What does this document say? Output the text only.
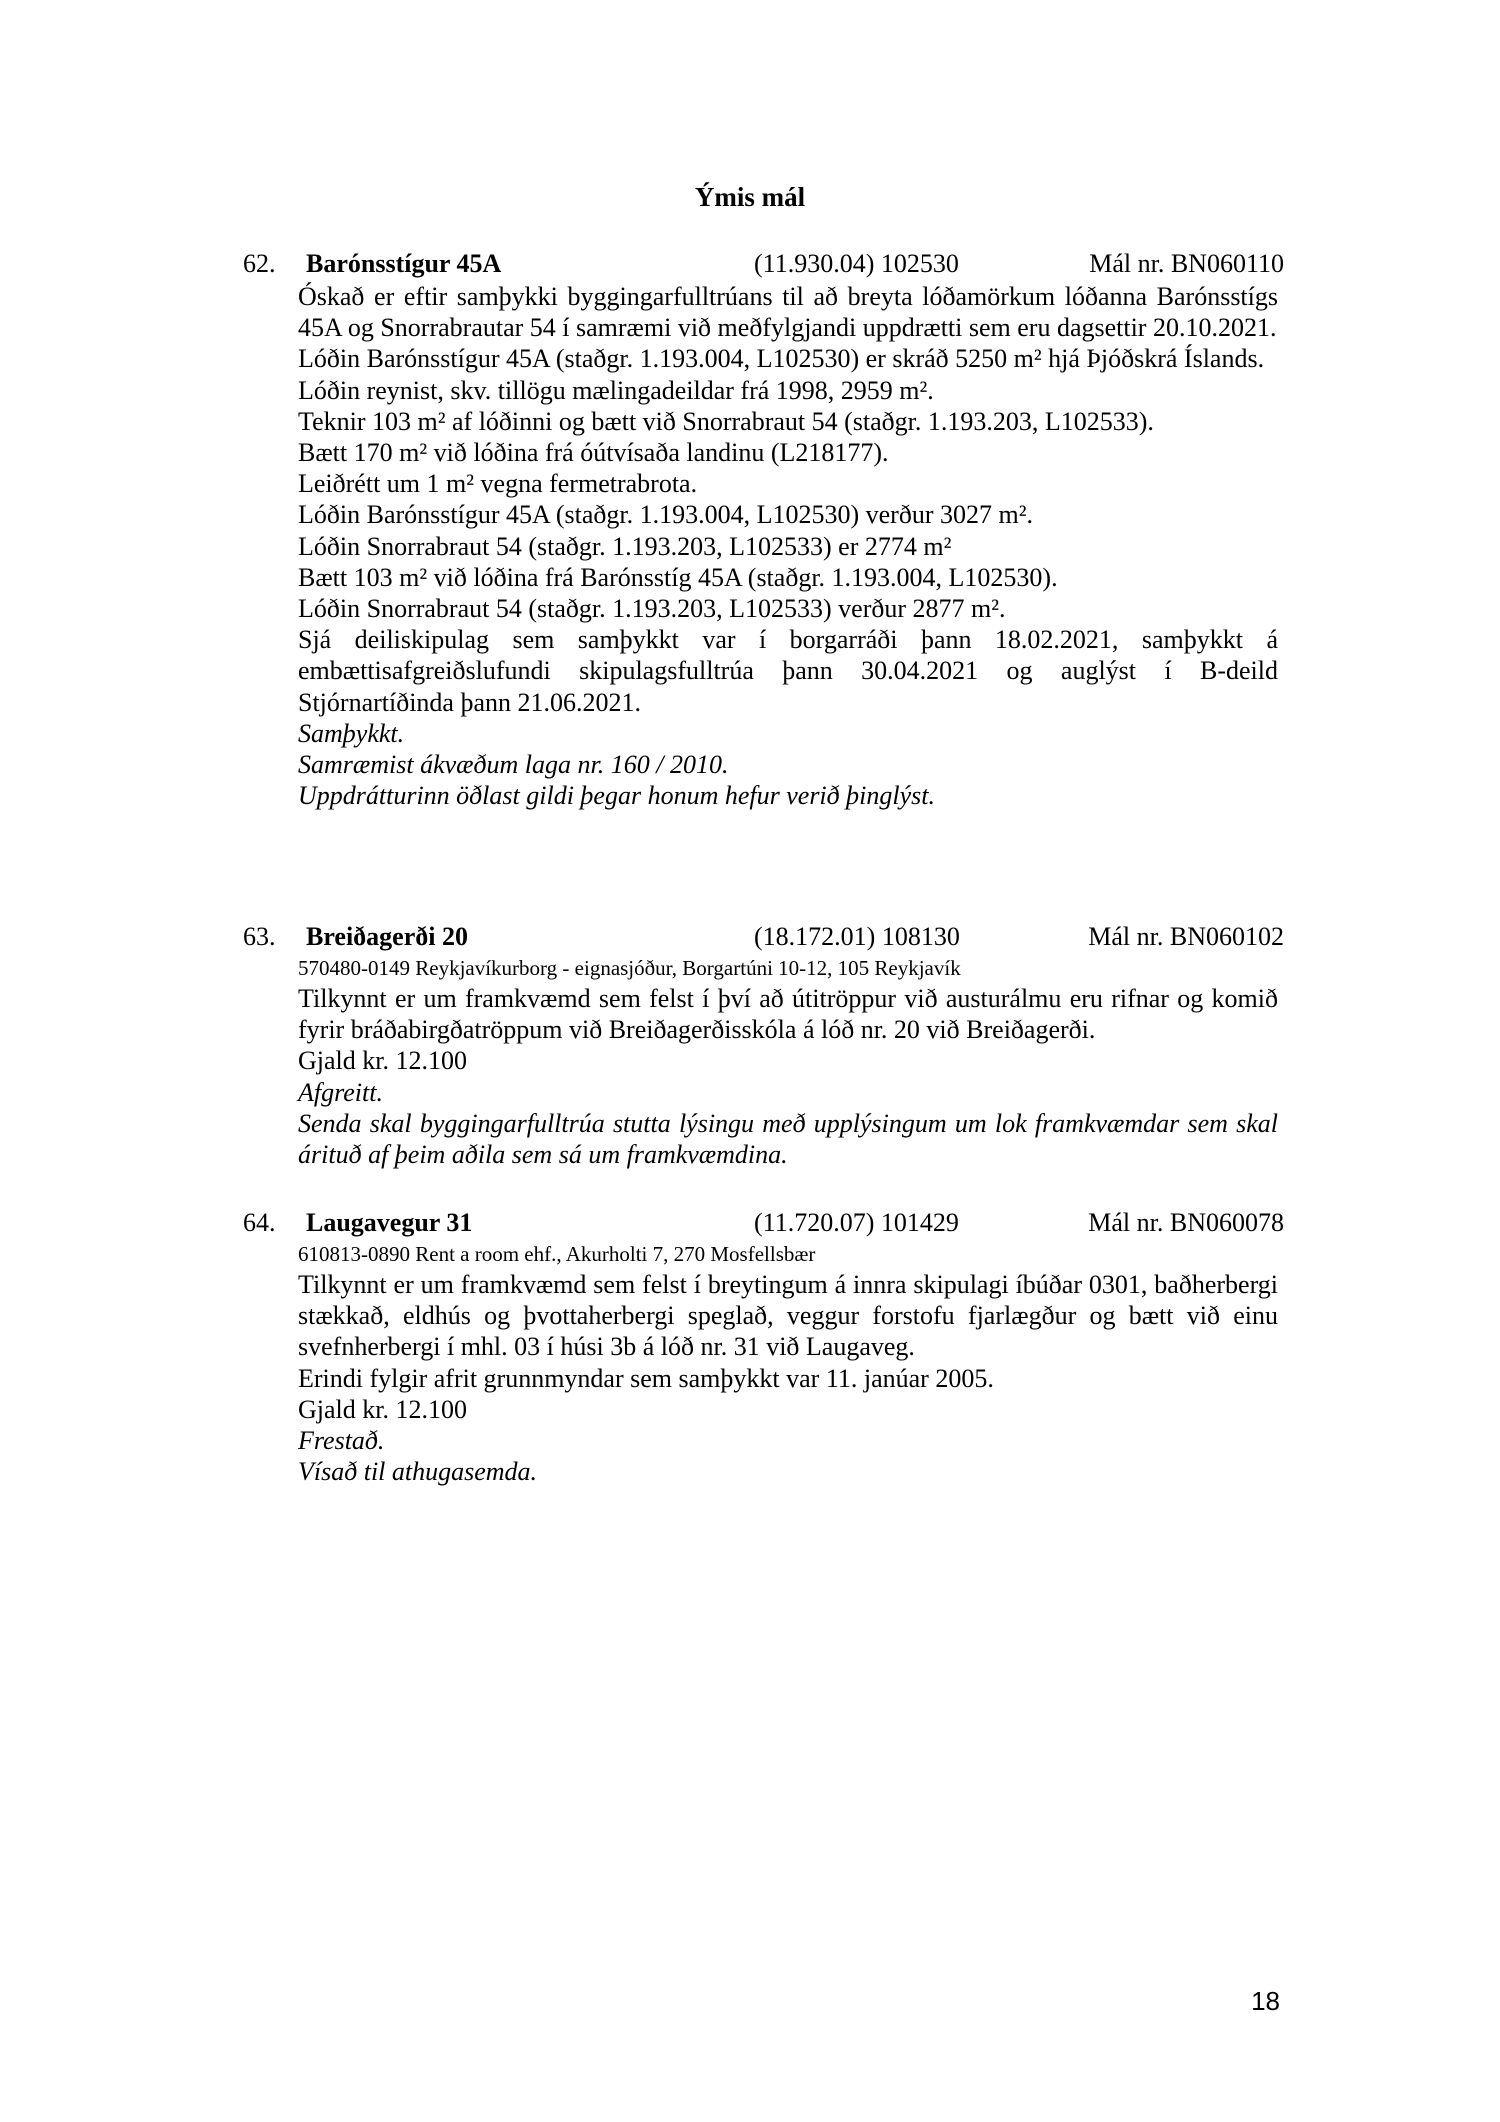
Ýmis mál
62. Barónsstígur 45A	(11.930.04) 102530	Mál nr. BN060110
Óskað er eftir samþykki byggingarfulltrúans til að breyta lóðamörkum lóðanna Barónsstígs 45A og Snorrabrautar 54 í samræmi við meðfylgjandi uppdrætti sem eru dagsettir 20.10.2021.
Lóðin Barónsstígur 45A (staðgr. 1.193.004, L102530) er skráð 5250 m² hjá Þjóðskrá Íslands.
Lóðin reynist, skv. tillögu mælingadeildar frá 1998, 2959 m².
Teknir 103 m² af lóðinni og bætt við Snorrabraut 54 (staðgr. 1.193.203, L102533).
Bætt 170 m² við lóðina frá óútvísaða landinu (L218177).
Leiðrétt um 1 m² vegna fermetrabrota.
Lóðin Barónsstígur 45A (staðgr. 1.193.004, L102530) verður 3027 m².
Lóðin Snorrabraut 54 (staðgr. 1.193.203, L102533) er 2774 m²
Bætt 103 m² við lóðina frá Barónsstíg 45A (staðgr. 1.193.004, L102530).
Lóðin Snorrabraut 54 (staðgr. 1.193.203, L102533) verður 2877 m².
Sjá deiliskipulag sem samþykkt var í borgarráði þann 18.02.2021, samþykkt á embættisafgreiðslufundi skipulagsfulltrúa þann 30.04.2021 og auglýst í B-deild Stjórnartíðinda þann 21.06.2021.
Samþykkt.
Samræmist ákvæðum laga nr. 160 / 2010.
Uppdrátturinn öðlast gildi þegar honum hefur verið þinglýst.
63. Breiðagerði 20	(18.172.01) 108130	Mál nr. BN060102
570480-0149 Reykjavíkurborg - eignasjóður, Borgartúni 10-12, 105 Reykjavík
Tilkynnt er um framkvæmd sem felst í því að útitröppur við austurálmu eru rifnar og komið fyrir bráðabirgðatröppum við Breiðagerðisskóla á lóð nr. 20 við Breiðagerði.
Gjald kr. 12.100
Afgreitt.
Senda skal byggingarfulltrúa stutta lýsingu með upplýsingum um lok framkvæmdar sem skal árituð af þeim aðila sem sá um framkvæmdina.
64. Laugavegur 31	(11.720.07) 101429	Mál nr. BN060078
610813-0890 Rent a room ehf., Akurholti 7, 270 Mosfellsbær
Tilkynnt er um framkvæmd sem felst í breytingum á innra skipulagi íbúðar 0301, baðherbergi stækkað, eldhús og þvottaherbergi speglað, veggur forstofu fjarlægður og bætt við einu svefnherbergi í mhl. 03 í húsi 3b á lóð nr. 31 við Laugaveg.
Erindi fylgir afrit grunnmyndar sem samþykkt var 11. janúar 2005.
Gjald kr. 12.100
Frestað.
Vísað til athugasemda.
18
